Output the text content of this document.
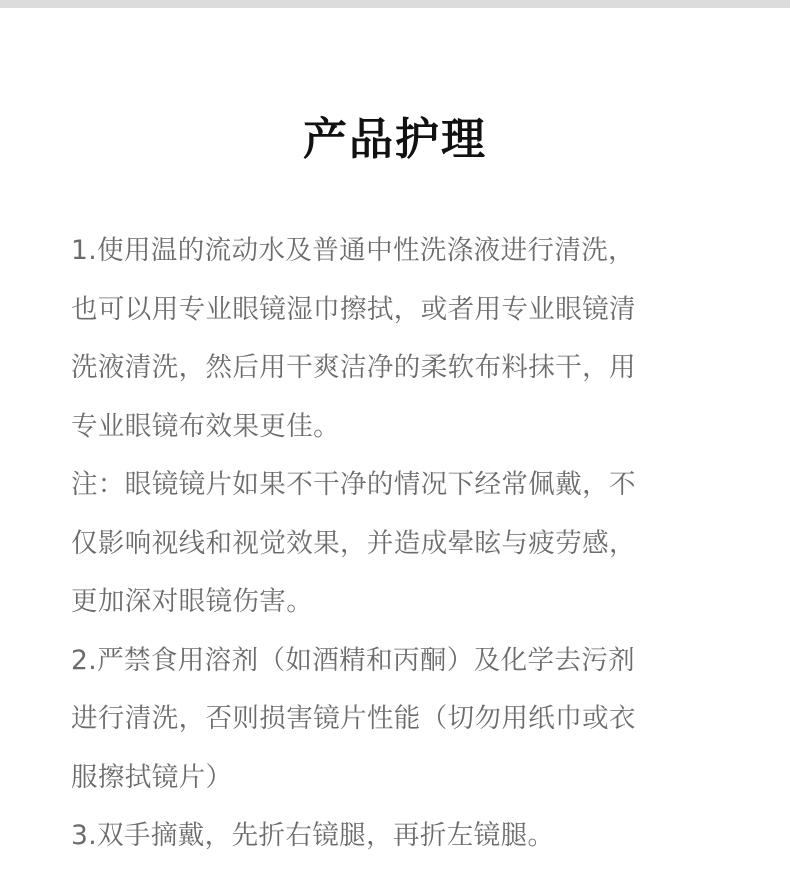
产品护理
1.使用温的流动水及普通中性洗涤液进行清洗，
也可以用专业眼镜湿巾擦拭，或者用专业眼镜清
洗液清洗，然后用干爽洁净的柔软布料抹干，用
专业眼镜布效果更佳。
注：眼镜镜片如果不干净的情况下经常佩戴，不
仅影响视线和视觉效果，并造成晕眩与疲劳感，
更加深对眼镜伤害。
2.严禁食用溶剂（如酒精和丙酮）及化学去污剂
进行清洗，否则损害镜片性能（切勿用纸巾或衣
服擦拭镜片）
3.双手摘戴，先折右镜腿，再折左镜腿。
